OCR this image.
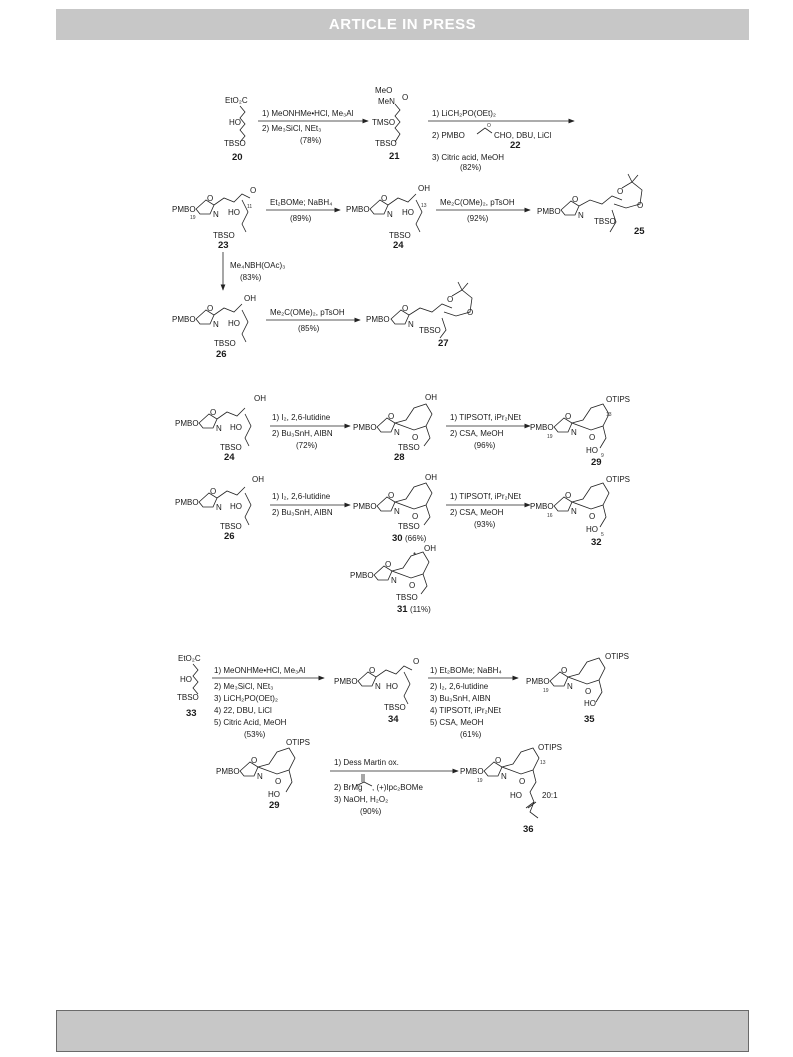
ARTICLE IN PRESS
EtO₂C
HO
TBSO
20
1) MeONHMe•HCl, Me₃Al
2) Me₃SiCl, NEt₃
(78%)
MeO
MeN O
TMSO
TBSO
21
1) LiCH₂PO(OEt)₂
2) PMBO
O
CHO, DBU, LiCl
22
3) Citric acid, MeOH
(82%)
PMBO
19
O
N
O
HO
11
TBSO
23
Et₂BOMe; NaBH₄
(89%)
PMBO
O
N
OH
13
HO
TBSO
24
Me₂C(OMe)₂, pTsOH
(92%)
PMBO
O
N
O
O
TBSO
25
Me₄NBH(OAc)₃
(83%)
PMBO
O
N
OH
HO
TBSO
26
Me₂C(OMe)₂, pTsOH
(85%)
PMBO
O
N
O
O
TBSO
27
PMBO
O
N
OH
HO
TBSO
24
1) I₂, 2,6-lutidine
2) Bu₃SnH, AIBN
(72%)
PMBO
O
N
O
OH
TBSO
28
1) TIPSOTf, iPr₂NEt
2) CSA, MeOH
(96%)
PMBO
19
O
N
O
OTIPS
13
HO
9
29
PMBO
O
N
OH
HO
TBSO
26
1) I₂, 2,6-lutidine
2) Bu₃SnH, AIBN
PMBO
O
N
O
OH
TBSO
30 (66%)
1) TIPSOTf, iPr₂NEt
2) CSA, MeOH
(93%)
PMBO
16
O
N
O
OTIPS
HO
5
32
*
PMBO
O
N
O
OH
TBSO
31 (11%)
EtO₂C
HO
TBSO
33
1) MeONHMe•HCl, Me₃Al
2) Me₃SiCl, NEt₃
3) LiCH₂PO(OEt)₂
4) 22, DBU, LiCl
5) Citric Acid, MeOH
(53%)
PMBO
O
N
O
HO
TBSO
34
1) Et₂BOMe; NaBH₄
2) I₂, 2,6-lutidine
3) Bu₃SnH, AIBN
4) TIPSOTf, iPr₂NEt
5) CSA, MeOH
(61%)
PMBO
19
O
N
O
OTIPS
HO
35
PMBO
O
N
O
OTIPS
HO
29
1) Dess Martin ox.
2) BrMg , (+)Ipc₂BOMe
3) NaOH, H₂O₂
(90%)
PMBO
19
O
N
O
OTIPS
13
HO	20:1
36
